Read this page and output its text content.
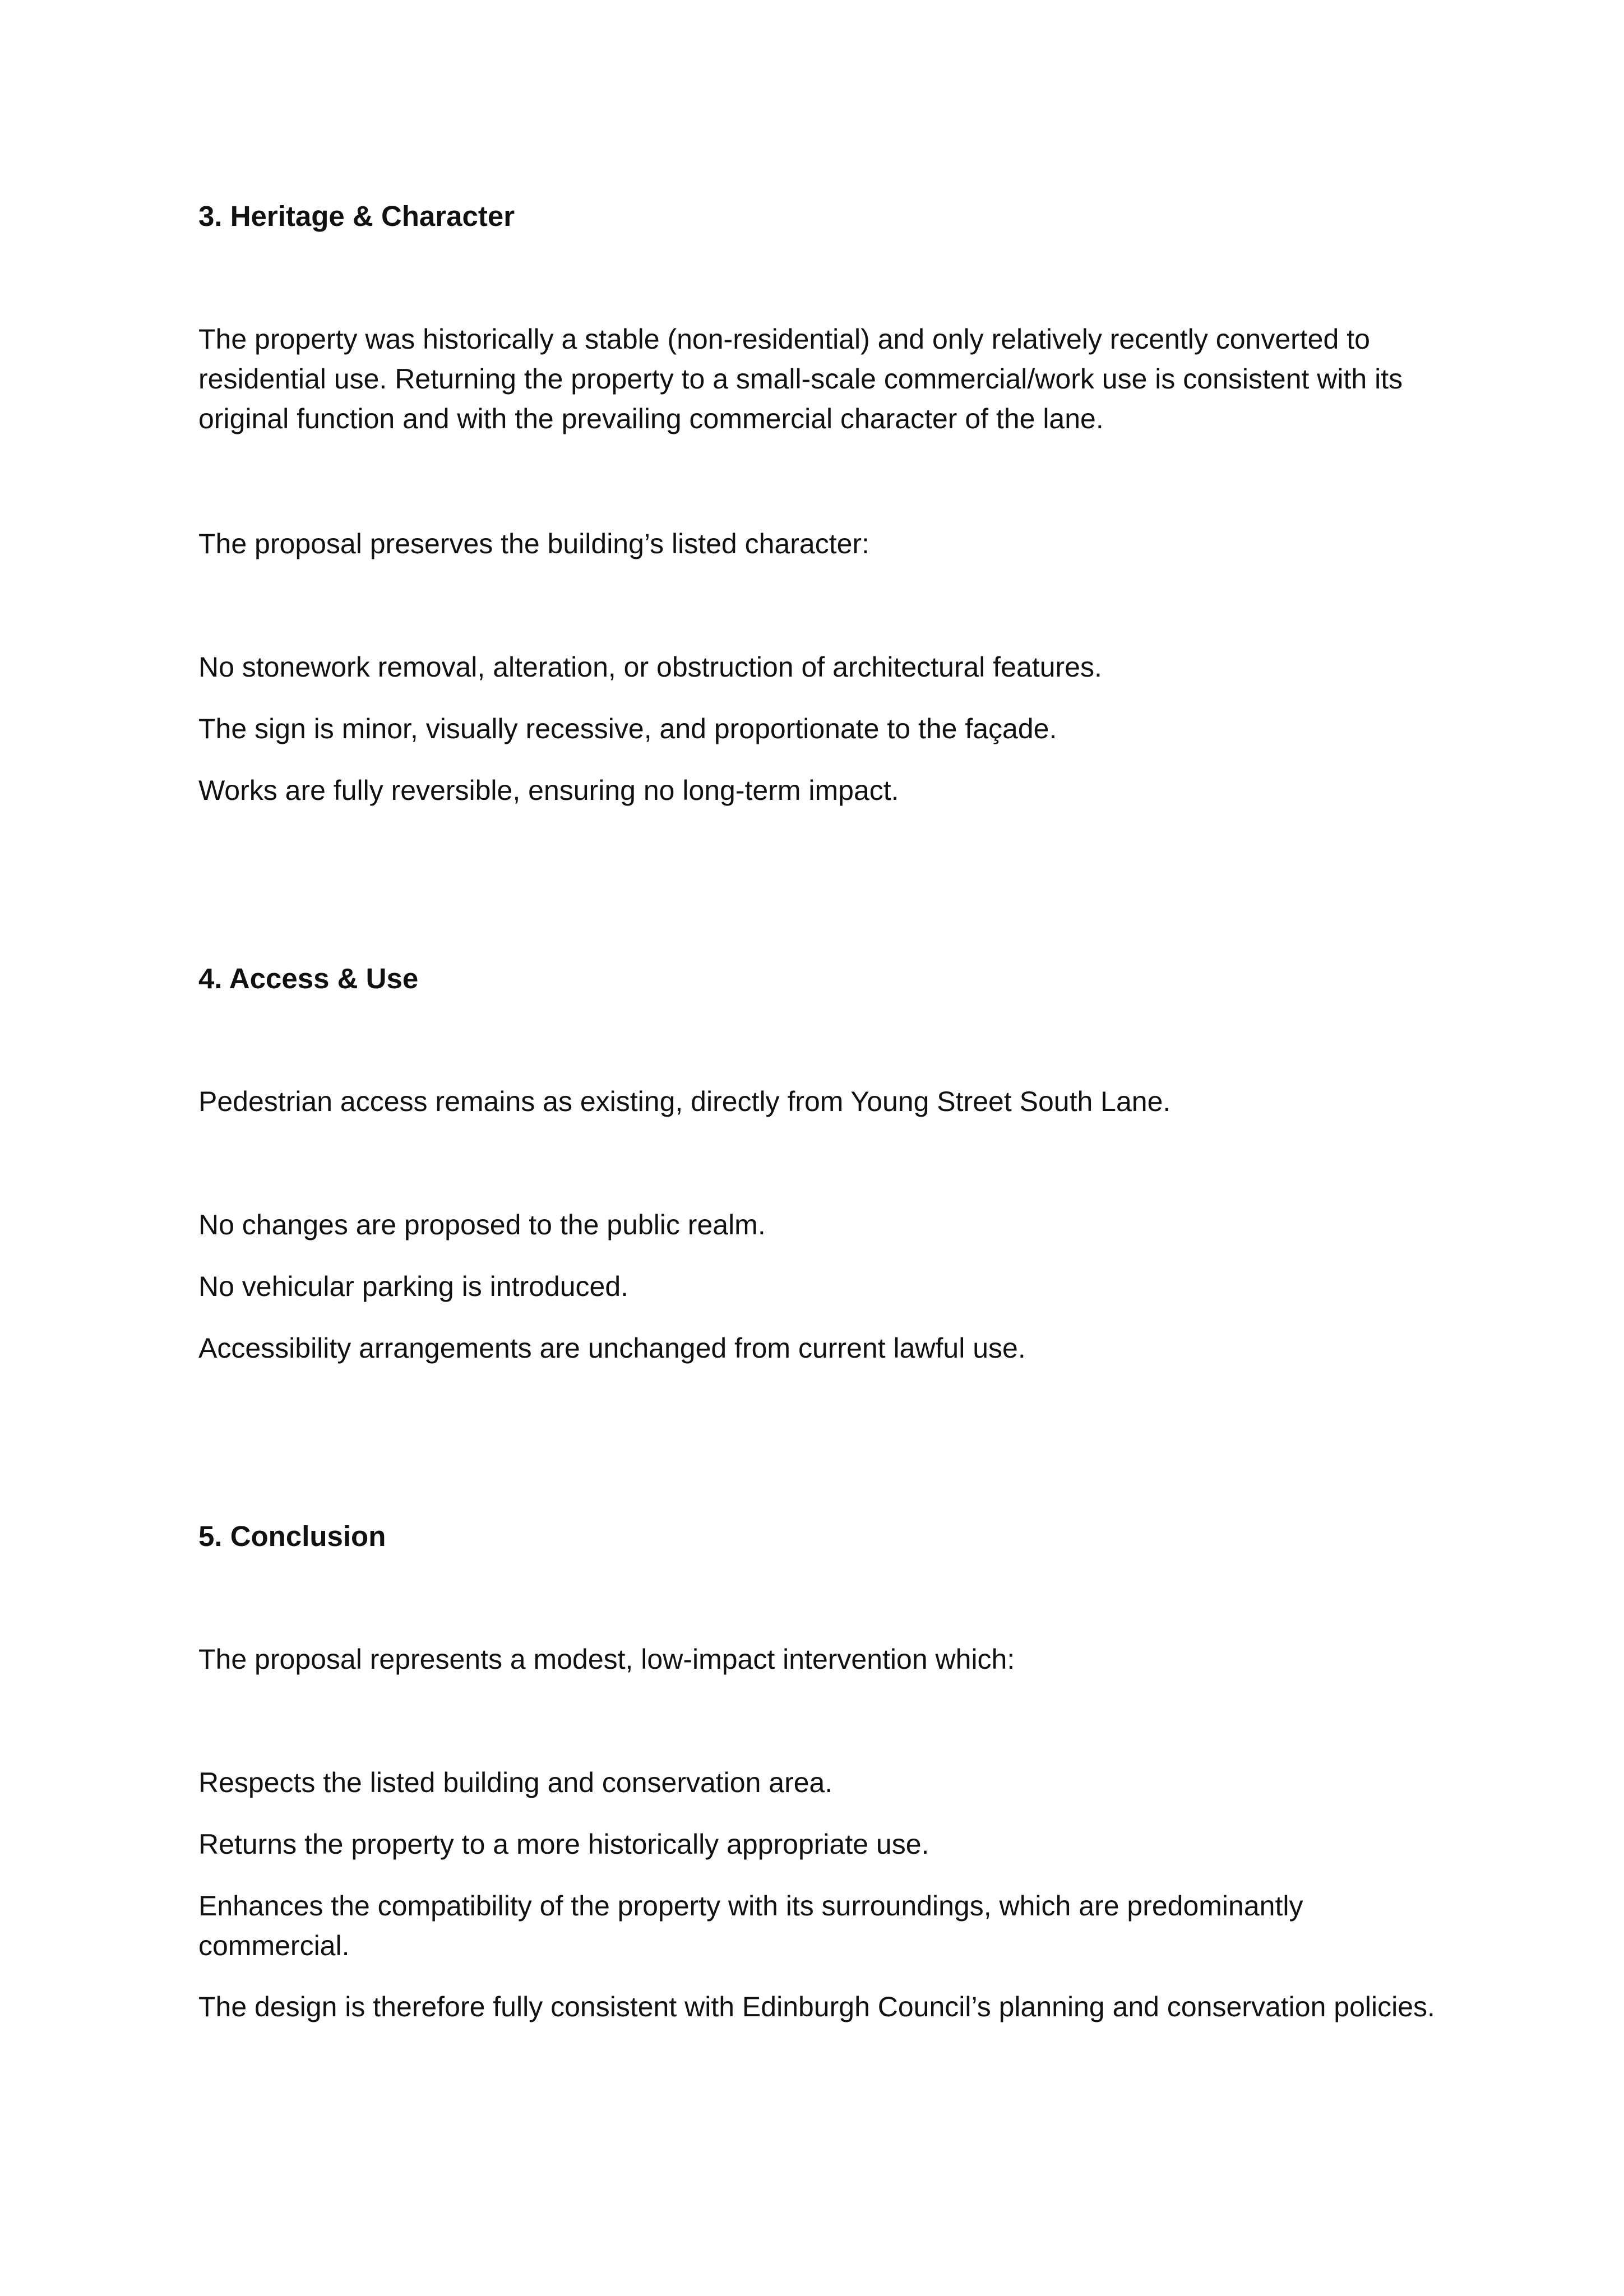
3. Heritage & Character

The property was historically a stable (non-residential) and only relatively recently converted to residential use. Returning the property to a small-scale commercial/work use is consistent with its original function and with the prevailing commercial character of the lane.

The proposal preserves the building’s listed character:

No stonework removal, alteration, or obstruction of architectural features.

The sign is minor, visually recessive, and proportionate to the façade.

Works are fully reversible, ensuring no long-term impact.

4. Access & Use

Pedestrian access remains as existing, directly from Young Street South Lane.

No changes are proposed to the public realm.

No vehicular parking is introduced.

Accessibility arrangements are unchanged from current lawful use.

5. Conclusion

The proposal represents a modest, low-impact intervention which:

Respects the listed building and conservation area.

Returns the property to a more historically appropriate use.

Enhances the compatibility of the property with its surroundings, which are predominantly commercial.

The design is therefore fully consistent with Edinburgh Council’s planning and conservation policies.
